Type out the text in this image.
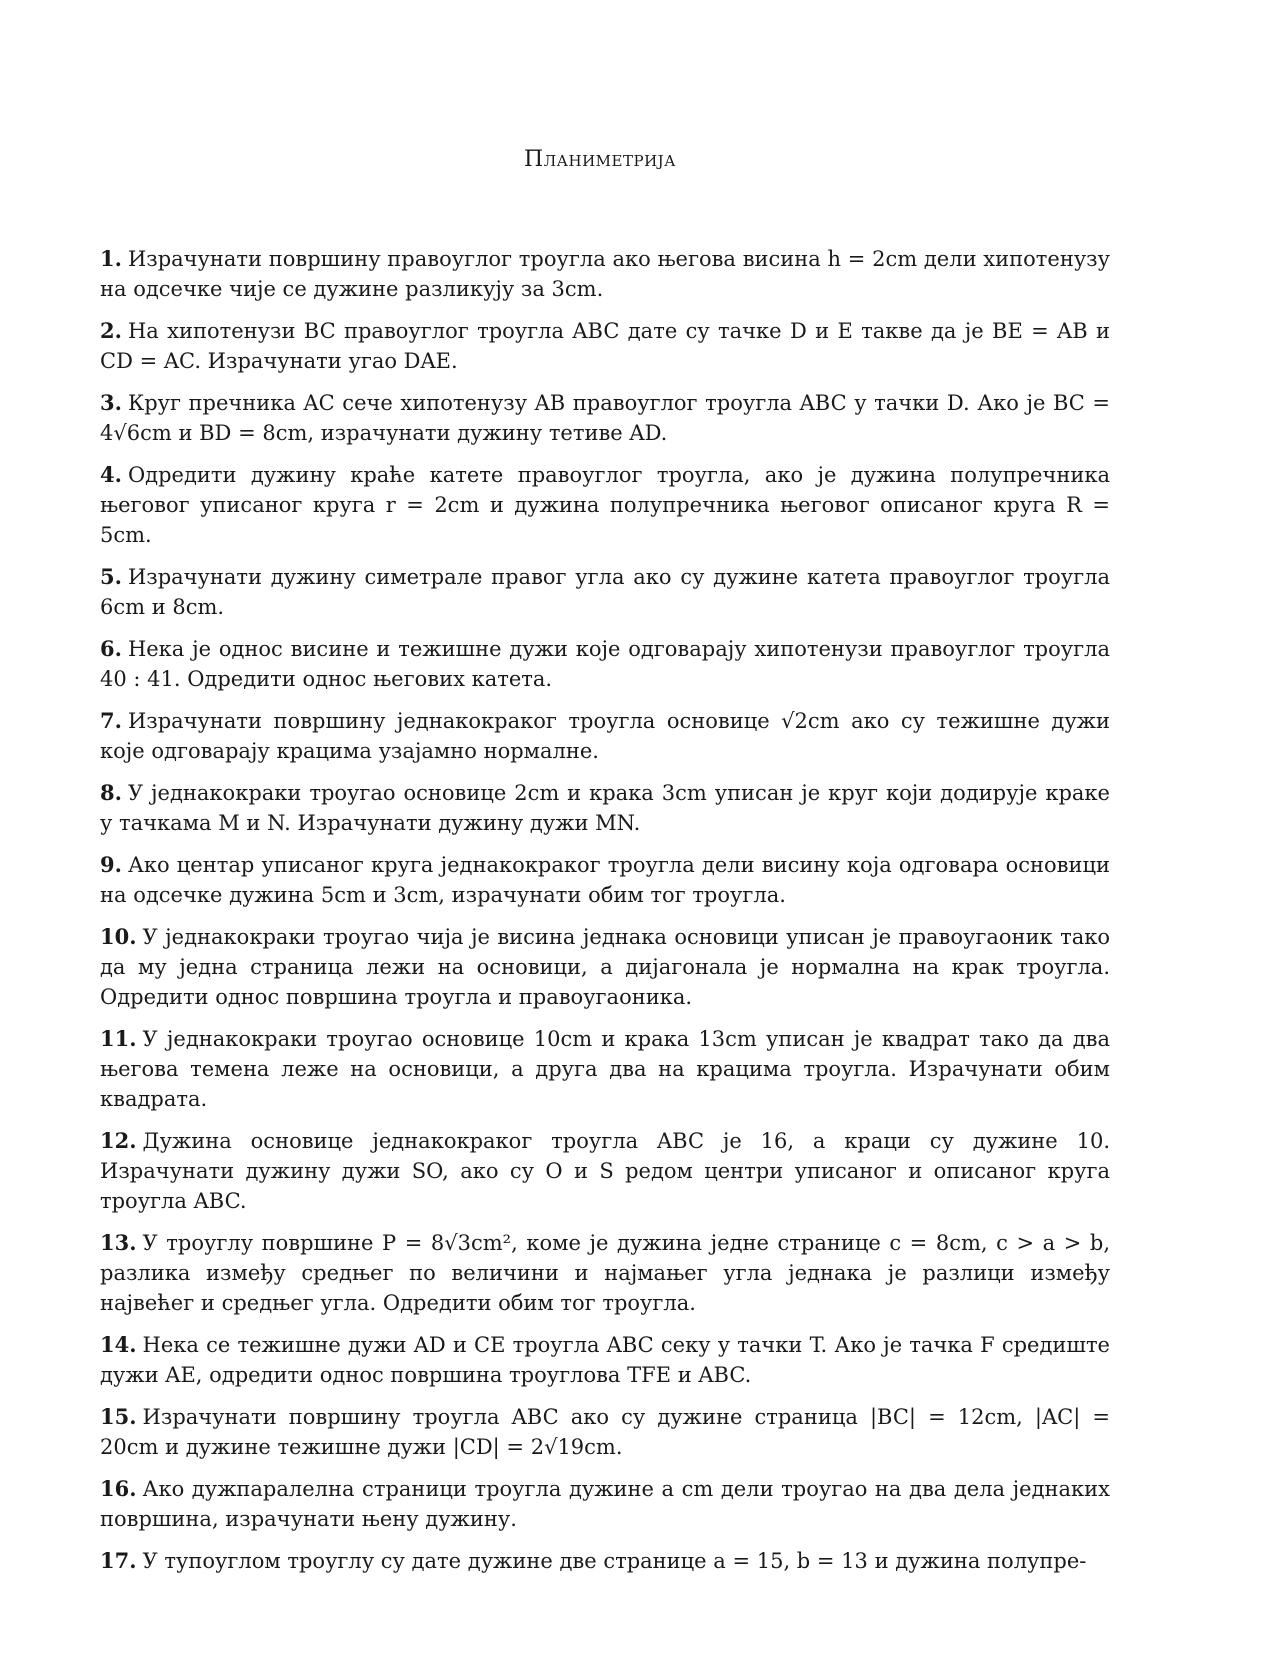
Планиметрија
1. Израчунати површину правоуглог троугла ако његова висина h = 2cm дели хипотенузу на одсечке чије се дужине разликују за 3cm.
2. На хипотенузи BC правоуглог троугла ABC дате су тачке D и E такве да је BE = AB и CD = AC. Израчунати угао DAE.
3. Круг пречника AC сече хипотенузу AB правоуглог троугла ABC у тачки D. Ако је BC = 4√6cm и BD = 8cm, израчунати дужину тетиве AD.
4. Одредити дужину краће катете правоуглог троугла, ако је дужина полупречника његовог уписаног круга r = 2cm и дужина полупречника његовог описаног круга R = 5cm.
5. Израчунати дужину симетрале правог угла ако су дужине катета правоуглог троугла 6cm и 8cm.
6. Нека је однос висине и тежишне дужи које одговарају хипотенузи правоуглог троугла 40 : 41. Одредити однос његових катета.
7. Израчунати површину једнакокраког троугла основице √2cm ако су тежишне дужи које одговарају крацима узајамно нормалне.
8. У једнакокраки троугао основице 2cm и крака 3cm уписан је круг који додирује краке у тачкама M и N. Израчунати дужину дужи MN.
9. Ако центар уписаног круга једнакокраког троугла дели висину која одговара основици на одсечке дужина 5cm и 3cm, израчунати обим тог троугла.
10. У једнакокраки троугао чија је висина једнака основици уписан је правоугаоник тако да му једна страница лежи на основици, а дијагонала је нормална на крак троугла. Одредити однос површина троугла и правоугаоника.
11. У једнакокраки троугао основице 10cm и крака 13cm уписан је квадрат тако да два његова темена леже на основици, а друга два на крацима троугла. Израчунати обим квадрата.
12. Дужина основице једнакокраког троугла ABC је 16, а краци су дужине 10. Израчунати дужину дужи SO, ако су O и S редом центри уписаног и описаног круга троугла ABC.
13. У троуглу површине P = 8√3cm², коме је дужина једне странице c = 8cm, c > a > b, разлика између средњег по величини и најмањег угла једнака је разлици између највећег и средњег угла. Одредити обим тог троугла.
14. Нека се тежишне дужи AD и CE троугла ABC секу у тачки T. Ако је тачка F средиште дужи AE, одредити однос површина троуглова TFE и ABC.
15. Израчунати површину троугла ABC ако су дужине страница |BC| = 12cm, |AC| = 20cm и дужине тежишне дужи |CD| = 2√19cm.
16. Ако дужпаралелна страници троугла дужине a cm дели троугао на два дела једнаких површина, израчунати њену дужину.
17. У тупоуглом троуглу су дате дужине две странице a = 15, b = 13 и дужина полупре-
